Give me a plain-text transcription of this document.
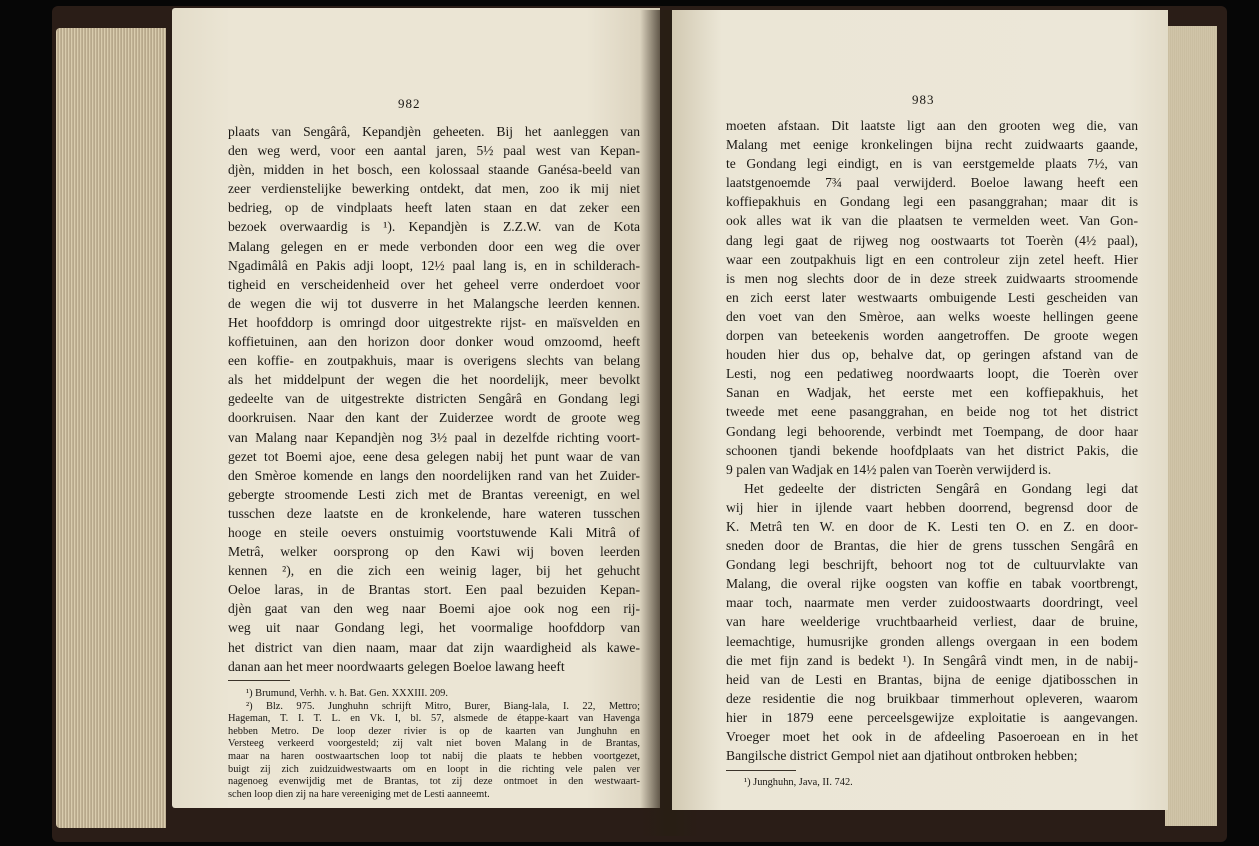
982
plaats van Sengârâ, Kepandjèn geheeten. Bij het aanleggen van
den weg werd, voor een aantal jaren, 5½ paal west van Kepan-
djèn, midden in het bosch, een kolossaal staande Ganésa-beeld van
zeer verdienstelijke bewerking ontdekt, dat men, zoo ik mij niet
bedrieg, op de vindplaats heeft laten staan en dat zeker een
bezoek overwaardig is ¹). Kepandjèn is Z.Z.W. van de Kota
Malang gelegen en er mede verbonden door een weg die over
Ngadimâlâ en Pakis adji loopt, 12½ paal lang is, en in schilderach-
tigheid en verscheidenheid over het geheel verre onderdoet voor
de wegen die wij tot dusverre in het Malangsche leerden kennen.
Het hoofddorp is omringd door uitgestrekte rijst- en maïsvelden en
koffietuinen, aan den horizon door donker woud omzoomd, heeft
een koffie- en zoutpakhuis, maar is overigens slechts van belang
als het middelpunt der wegen die het noordelijk, meer bevolkt
gedeelte van de uitgestrekte districten Sengârâ en Gondang legi
doorkruisen. Naar den kant der Zuiderzee wordt de groote weg
van Malang naar Kepandjèn nog 3½ paal in dezelfde richting voort-
gezet tot Boemi ajoe, eene desa gelegen nabij het punt waar de van
den Smèroe komende en langs den noordelijken rand van het Zuider-
gebergte stroomende Lesti zich met de Brantas vereenigt, en wel
tusschen deze laatste en de kronkelende, hare wateren tusschen
hooge en steile oevers onstuimig voortstuwende Kali Mitrâ of
Metrâ, welker oorsprong op den Kawi wij boven leerden
kennen ²), en die zich een weinig lager, bij het gehucht
Oeloe laras, in de Brantas stort. Een paal bezuiden Kepan-
djèn gaat van den weg naar Boemi ajoe ook nog een rij-
weg uit naar Gondang legi, het voormalige hoofddorp van
het district van dien naam, maar dat zijn waardigheid als kawe-
danan aan het meer noordwaarts gelegen Boeloe lawang heeft
¹) Brumund, Verhh. v. h. Bat. Gen. XXXIII. 209.
²) Blz. 975. Junghuhn schrijft Mitro, Burer, Biang-lala, I. 22, Mettro;
Hageman, T. I. T. L. en Vk. I, bl. 57, alsmede de étappe-kaart van Havenga
hebben Metro. De loop dezer rivier is op de kaarten van Junghuhn en
Versteeg verkeerd voorgesteld; zij valt niet boven Malang in de Brantas,
maar na haren oostwaartschen loop tot nabij die plaats te hebben voortgezet,
buigt zij zich zuidzuidwestwaarts om en loopt in die richting vele palen ver
nagenoeg evenwijdig met de Brantas, tot zij deze ontmoet in den westwaart-
schen loop dien zij na hare vereeniging met de Lesti aanneemt.
983
moeten afstaan. Dit laatste ligt aan den grooten weg die, van
Malang met eenige kronkelingen bijna recht zuidwaarts gaande,
te Gondang legi eindigt, en is van eerstgemelde plaats 7½, van
laatstgenoemde 7¾ paal verwijderd. Boeloe lawang heeft een
koffiepakhuis en Gondang legi een pasanggrahan; maar dit is
ook alles wat ik van die plaatsen te vermelden weet. Van Gon-
dang legi gaat de rijweg nog oostwaarts tot Toerèn (4½ paal),
waar een zoutpakhuis ligt en een controleur zijn zetel heeft. Hier
is men nog slechts door de in deze streek zuidwaarts stroomende
en zich eerst later westwaarts ombuigende Lesti gescheiden van
den voet van den Smèroe, aan welks woeste hellingen geene
dorpen van beteekenis worden aangetroffen. De groote wegen
houden hier dus op, behalve dat, op geringen afstand van de
Lesti, nog een pedatiweg noordwaarts loopt, die Toerèn over
Sanan en Wadjak, het eerste met een koffiepakhuis, het
tweede met eene pasanggrahan, en beide nog tot het district
Gondang legi behoorende, verbindt met Toempang, de door haar
schoonen tjandi bekende hoofdplaats van het district Pakis, die
9 palen van Wadjak en 14½ palen van Toerèn verwijderd is.
Het gedeelte der districten Sengârâ en Gondang legi dat
wij hier in ijlende vaart hebben doorrend, begrensd door de
K. Metrâ ten W. en door de K. Lesti ten O. en Z. en door-
sneden door de Brantas, die hier de grens tusschen Sengârâ en
Gondang legi beschrijft, behoort nog tot de cultuurvlakte van
Malang, die overal rijke oogsten van koffie en tabak voortbrengt,
maar toch, naarmate men verder zuidoostwaarts doordringt, veel
van hare weelderige vruchtbaarheid verliest, daar de bruine,
leemachtige, humusrijke gronden allengs overgaan in een bodem
die met fijn zand is bedekt ¹). In Sengârâ vindt men, in de nabij-
heid van de Lesti en Brantas, bijna de eenige djatibosschen in
deze residentie die nog bruikbaar timmerhout opleveren, waarom
hier in 1879 eene perceelsgewijze exploitatie is aangevangen.
Vroeger moet het ook in de afdeeling Pasoeroean en in het
Bangilsche district Gempol niet aan djatihout ontbroken hebben;
¹) Junghuhn, Java, II. 742.
